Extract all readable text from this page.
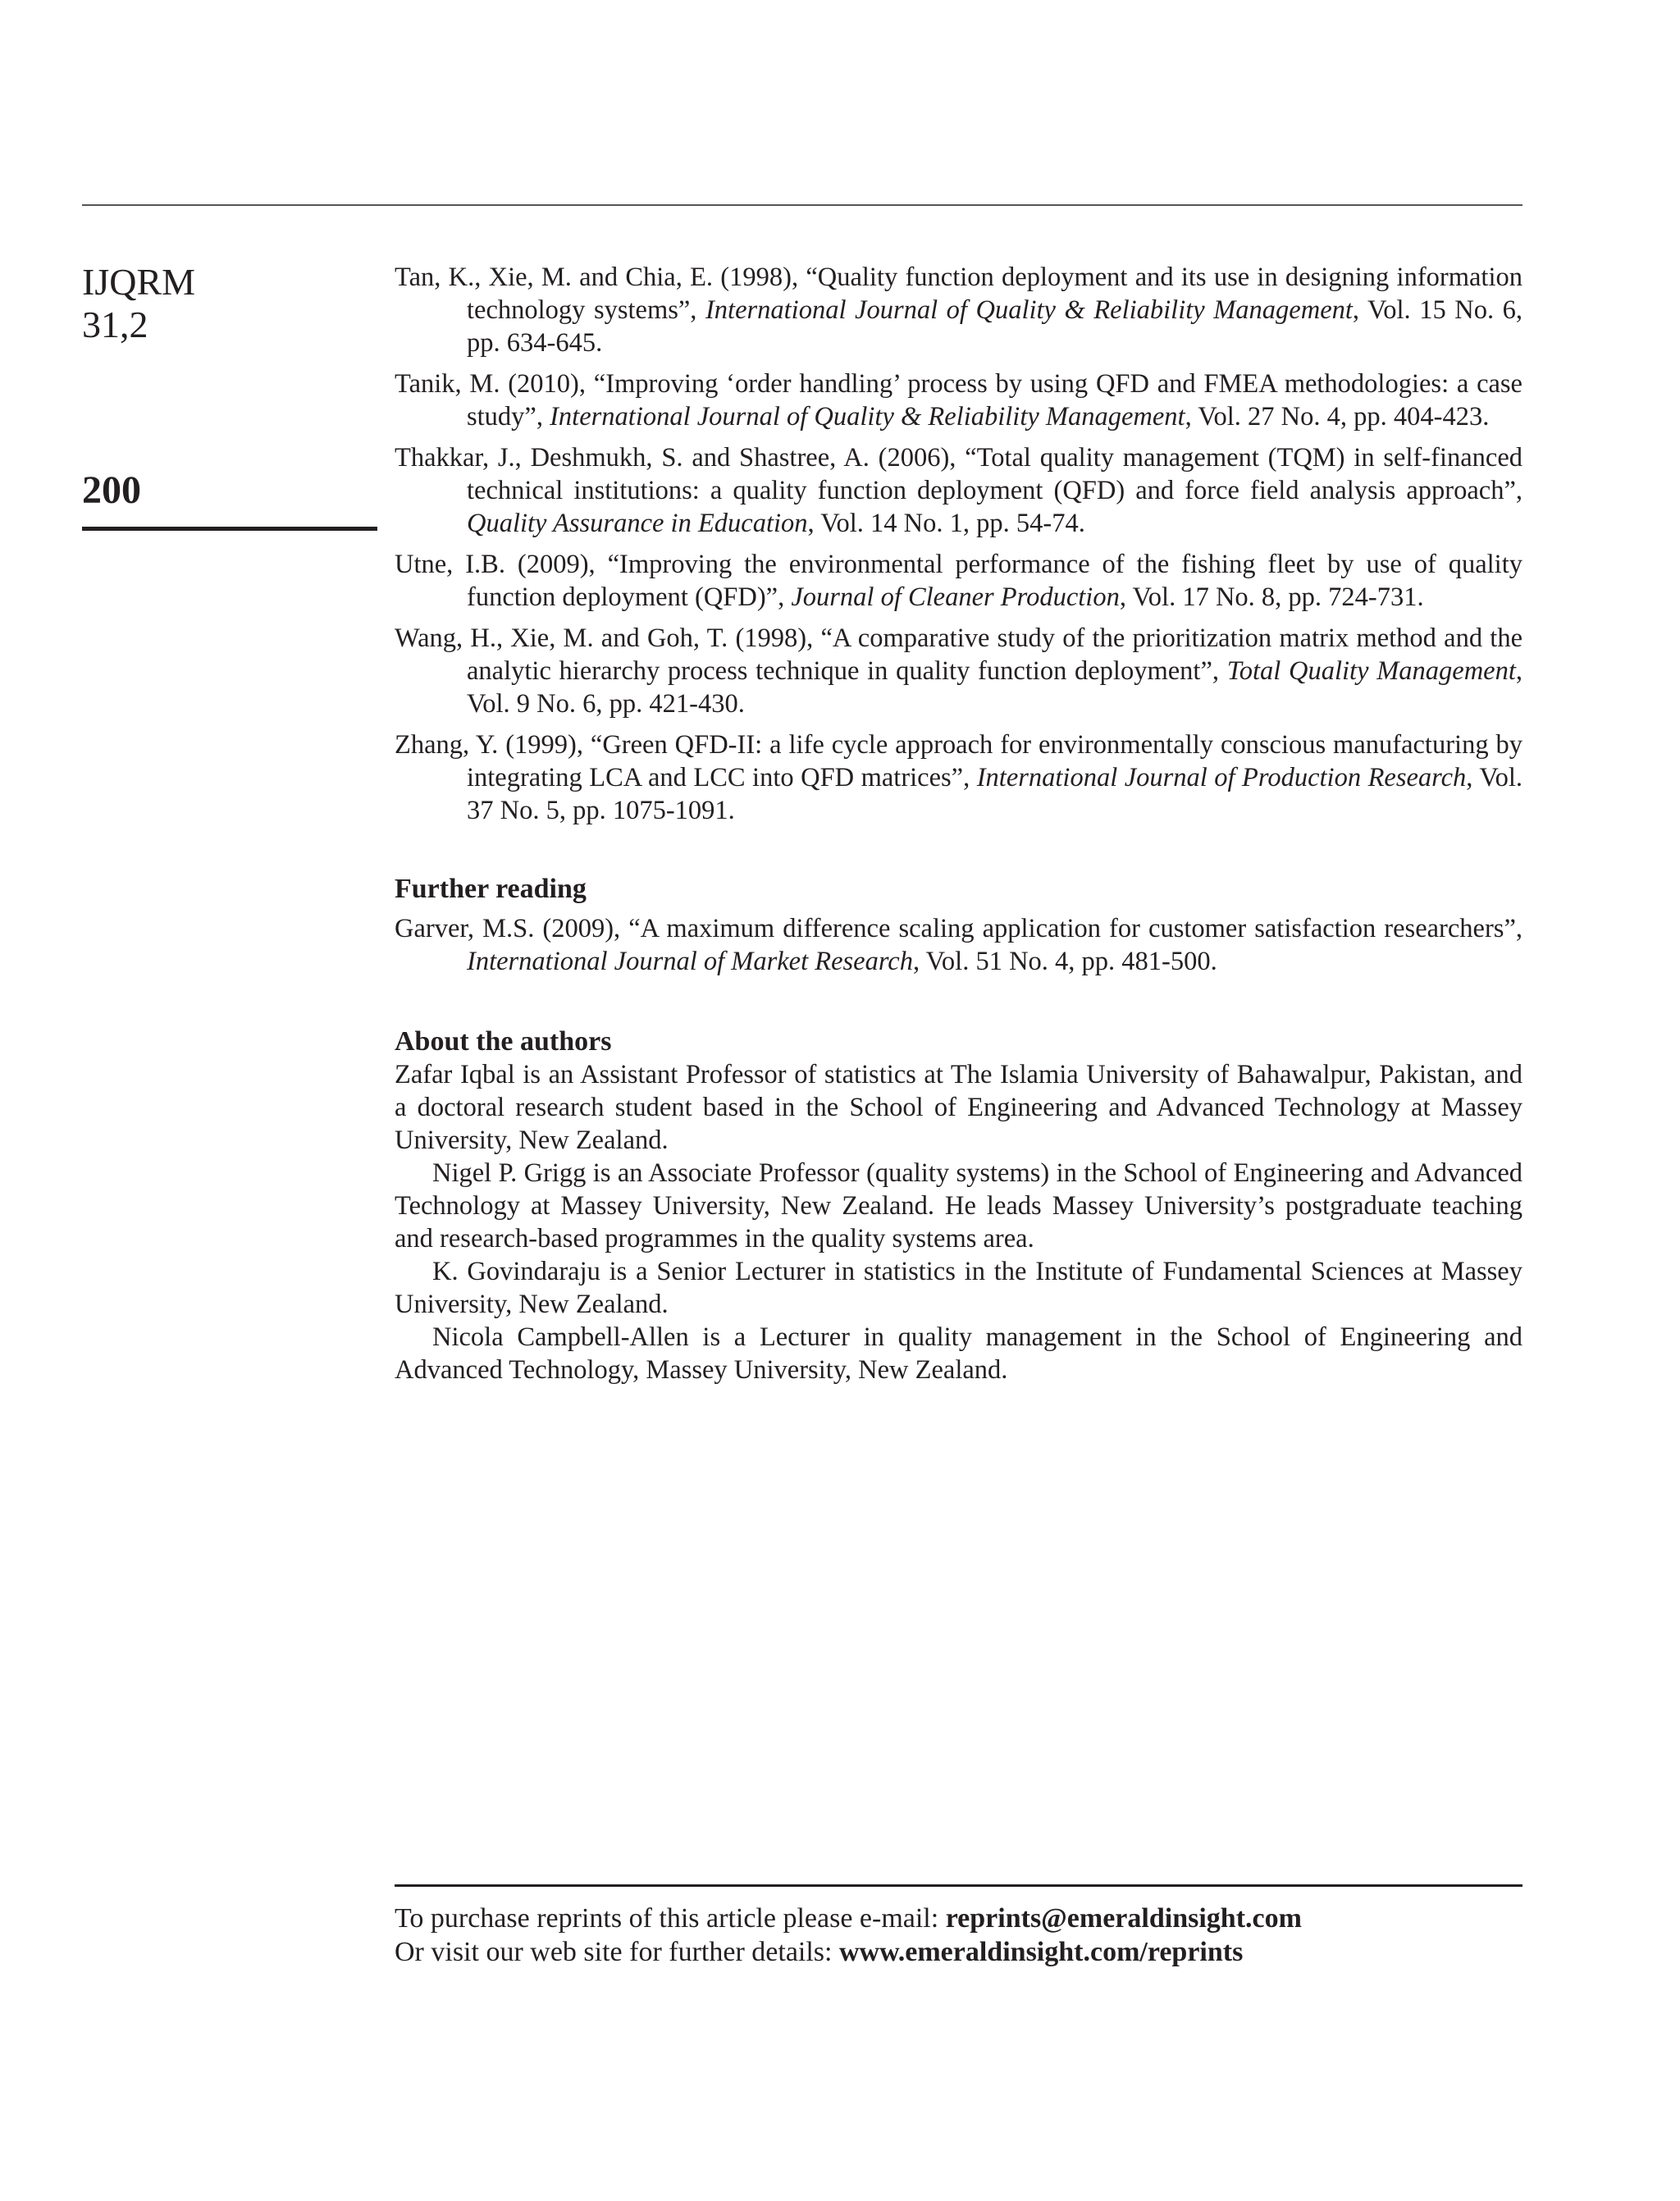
IJQRM
31,2
200

Tan, K., Xie, M. and Chia, E. (1998), “Quality function deployment and its use in designing information technology systems”, International Journal of Quality & Reliability Management, Vol. 15 No. 6, pp. 634-645.

Tanik, M. (2010), “Improving ‘order handling’ process by using QFD and FMEA methodologies: a case study”, International Journal of Quality & Reliability Management, Vol. 27 No. 4, pp. 404-423.

Thakkar, J., Deshmukh, S. and Shastree, A. (2006), “Total quality management (TQM) in self-financed technical institutions: a quality function deployment (QFD) and force field analysis approach”, Quality Assurance in Education, Vol. 14 No. 1, pp. 54-74.

Utne, I.B. (2009), “Improving the environmental performance of the fishing fleet by use of quality function deployment (QFD)”, Journal of Cleaner Production, Vol. 17 No. 8, pp. 724-731.

Wang, H., Xie, M. and Goh, T. (1998), “A comparative study of the prioritization matrix method and the analytic hierarchy process technique in quality function deployment”, Total Quality Management, Vol. 9 No. 6, pp. 421-430.

Zhang, Y. (1999), “Green QFD-II: a life cycle approach for environmentally conscious manufacturing by integrating LCA and LCC into QFD matrices”, International Journal of Production Research, Vol. 37 No. 5, pp. 1075-1091.

Further reading

Garver, M.S. (2009), “A maximum difference scaling application for customer satisfaction researchers”, International Journal of Market Research, Vol. 51 No. 4, pp. 481-500.

About the authors

Zafar Iqbal is an Assistant Professor of statistics at The Islamia University of Bahawalpur, Pakistan, and a doctoral research student based in the School of Engineering and Advanced Technology at Massey University, New Zealand.

Nigel P. Grigg is an Associate Professor (quality systems) in the School of Engineering and Advanced Technology at Massey University, New Zealand. He leads Massey University’s postgraduate teaching and research-based programmes in the quality systems area.

K. Govindaraju is a Senior Lecturer in statistics in the Institute of Fundamental Sciences at Massey University, New Zealand.

Nicola Campbell-Allen is a Lecturer in quality management in the School of Engineering and Advanced Technology, Massey University, New Zealand.

To purchase reprints of this article please e-mail: reprints@emeraldinsight.com
Or visit our web site for further details: www.emeraldinsight.com/reprints
